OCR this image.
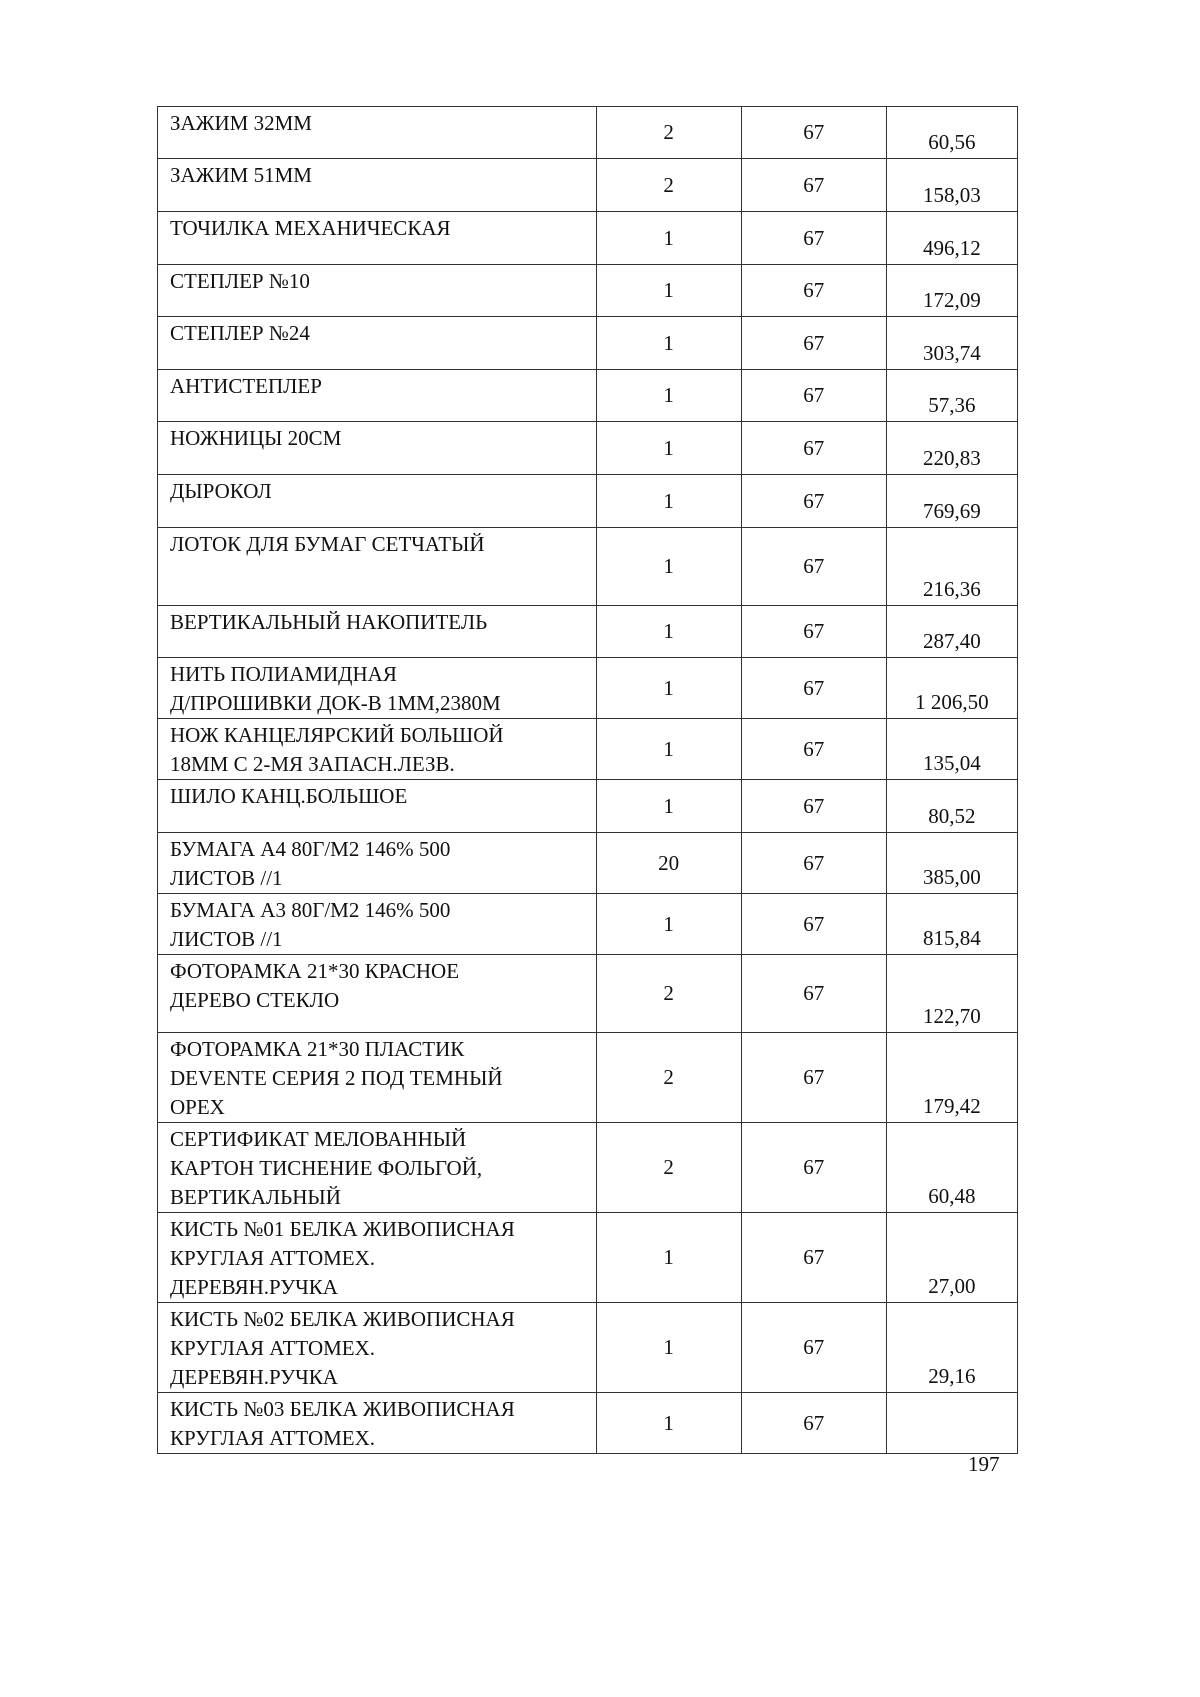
ЗАЖИМ 32ММ	2	67	60,56

ЗАЖИМ 51ММ	2	67	158,03

ТОЧИЛКА МЕХАНИЧЕСКАЯ	1	67	496,12

СТЕПЛЕР №10	1	67	172,09

СТЕПЛЕР №24	1	67	303,74

АНТИСТЕПЛЕР	1	67	57,36

НОЖНИЦЫ 20СМ	1	67	220,83

ДЫРОКОЛ	1	67	769,69

ЛОТОК ДЛЯ БУМАГ СЕТЧАТЫЙ	1	67	216,36

ВЕРТИКАЛЬНЫЙ НАКОПИТЕЛЬ	1	67	287,40

НИТЬ ПОЛИАМИДНАЯ
Д/ПРОШИВКИ ДОК-В 1ММ,2380М	1	67	1 206,50

НОЖ КАНЦЕЛЯРСКИЙ БОЛЬШОЙ
18ММ С 2-МЯ ЗАПАСН.ЛЕЗВ.	1	67	135,04

ШИЛО КАНЦ.БОЛЬШОЕ	1	67	80,52

БУМАГА А4 80Г/М2 146% 500
ЛИСТОВ //1	20	67	385,00

БУМАГА А3 80Г/М2 146% 500
ЛИСТОВ //1	1	67	815,84

ФОТОРАМКА 21*30 КРАСНОЕ
ДЕРЕВО СТЕКЛО	2	67	122,70

ФОТОРАМКА 21*30 ПЛАСТИК
DEVENTE СЕРИЯ 2 ПОД ТЕМНЫЙ
ОРЕХ	2	67	179,42

СЕРТИФИКАТ МЕЛОВАННЫЙ
КАРТОН ТИСНЕНИЕ ФОЛЬГОЙ,
ВЕРТИКАЛЬНЫЙ	2	67	60,48

КИСТЬ №01 БЕЛКА ЖИВОПИСНАЯ
КРУГЛАЯ АТТОМЕХ.
ДЕРЕВЯН.РУЧКА	1	67	27,00

КИСТЬ №02 БЕЛКА ЖИВОПИСНАЯ
КРУГЛАЯ АТТОМЕХ.
ДЕРЕВЯН.РУЧКА	1	67	29,16

КИСТЬ №03 БЕЛКА ЖИВОПИСНАЯ
КРУГЛАЯ АТТОМЕХ.	1	67	
197
